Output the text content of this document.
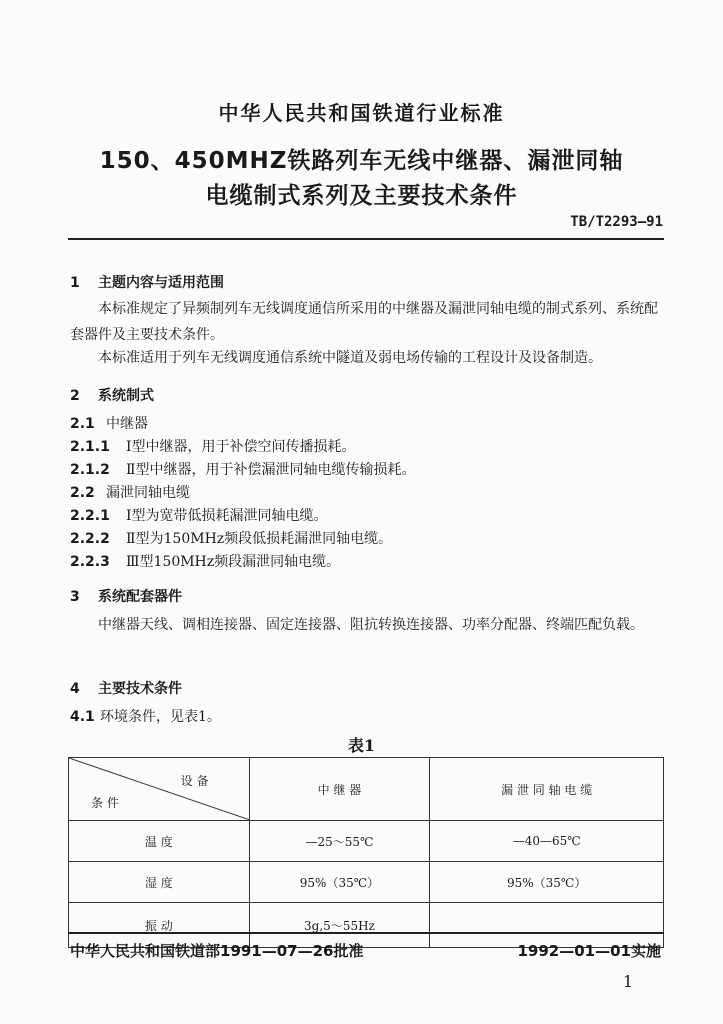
中华人民共和国铁道行业标准
150、450MHZ铁路列车无线中继器、漏泄同轴
电缆制式系列及主要技术条件
TB/T2293—91
1 主题内容与适用范围
本标准规定了异频制列车无线调度通信所采用的中继器及漏泄同轴电缆的制式系列、系统配套器件及主要技术条件。
本标准适用于列车无线调度通信系统中隧道及弱电场传输的工程设计及设备制造。
2 系统制式
2.1 中继器
2.1.1 Ⅰ型中继器，用于补偿空间传播损耗。
2.1.2 Ⅱ型中继器，用于补偿漏泄同轴电缆传输损耗。
2.2 漏泄同轴电缆
2.2.1 Ⅰ型为宽带低损耗漏泄同轴电缆。
2.2.2 Ⅱ型为150MHz频段低损耗漏泄同轴电缆。
2.2.3 Ⅲ型150MHz频段漏泄同轴电缆。
3 系统配套器件
中继器天线、调相连接器、固定连接器、阻抗转换连接器、功率分配器、终端匹配负载。
4 主要技术条件
4.1 环境条件，见表1。
表1
设 备
条 件	中 继 器	漏 泄 同 轴 电 缆
温 度	—25～55℃	—40—65℃
湿 度	95%（35℃）	95%（35℃）
振 动	3g,5～55Hz	
中华人民共和国铁道部1991—07—26批准	1992—01—01实施
1
